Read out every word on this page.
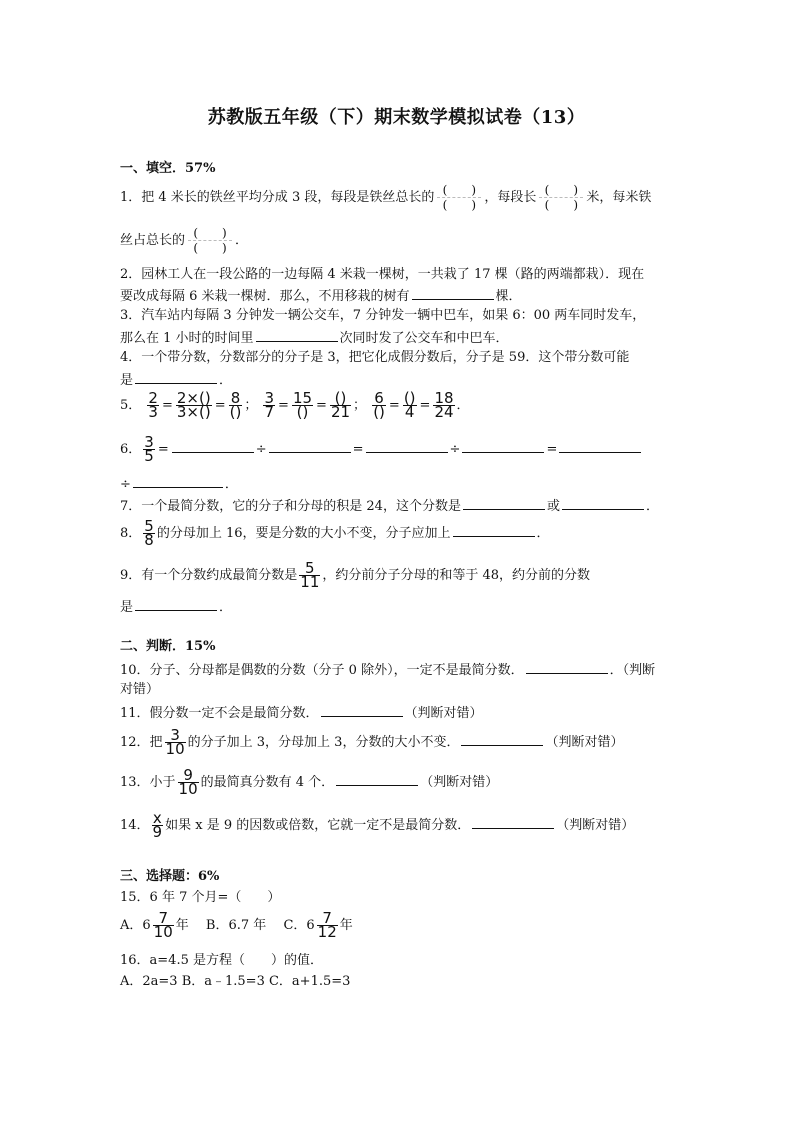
苏教版五年级（下）期末数学模拟试卷（13）
一、填空．57%
1．把 4 米长的铁丝平均分成 3 段，每段是铁丝总长的 (　　 )
(　　 ) ，每段长 (　　 )
(　　 ) 米，每米铁
丝占总长的 (　　 )
(　　 ) ．
2．园林工人在一段公路的一边每隔 4 米栽一棵树，一共栽了 17 棵（路的两端都栽）．现在
要改成每隔 6 米栽一棵树．那么，不用移栽的树有	棵．
3．汽车站内每隔 3 分钟发一辆公交车，7 分钟发一辆中巴车，如果 6：00 两车同时发车，
那么在 1 小时的时间里	次同时发了公交车和中巴车．
4．一个带分数，分数部分的分子是 3，把它化成假分数后，分子是 59．这个带分数可能
是	．
5． $\frac{2}{3} = \frac{2\times()}{3\times()} = \frac{8}{()}$ ； $\frac{3}{7} = \frac{15}{()} = \frac{()}{21}$ ； $\frac{6}{()} = \frac{()}{4} = \frac{18}{24}$ ．
6． $\frac{3}{5}$ =	÷	=	÷	=
÷	．
7．一个最简分数，它的分子和分母的积是 24，这个分数是	或	．
8． $\frac{5}{8}$ 的分母加上 16，要是分数的大小不变，分子应加上	．
9．有一个分数约成最简分数是 $\frac{5}{11}$ ，约分前分子分母的和等于 48，约分前的分数
是	．
二、判断．15%
10．分子、分母都是偶数的分数（分子 0 除外），一定不是最简分数．	．（判断
对错）
11．假分数一定不会是最简分数．	（判断对错）
12．把 $\frac{3}{10}$ 的分子加上 3，分母加上 3，分数的大小不变．	（判断对错）
13．小于 $\frac{9}{10}$ 的最简真分数有 4 个．	（判断对错）
14． $\frac{x}{9}$ 如果 x 是 9 的因数或倍数，它就一定不是最简分数．	（判断对错）
三、选择题：6%
15．6 年 7 个月=（　　）
A．$6 \frac{7}{10}$ 年　 B．6.7 年　 C．$6 \frac{7}{12}$ 年
16．a=4.5 是方程（　　）的值．
A．2a=3 B．a﹣1.5=3 C．a+1.5=3
